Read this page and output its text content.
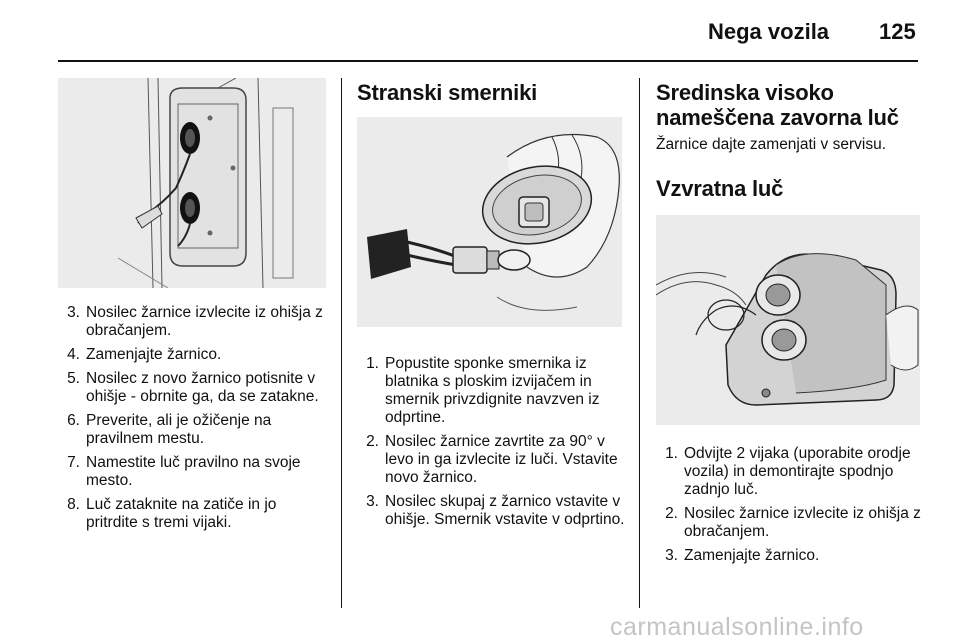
Nega vozila 125
3. Nosilec žarnice izvlecite iz ohišja z obračanjem.
4. Zamenjajte žarnico.
5. Nosilec z novo žarnico potisnite v ohišje - obrnite ga, da se zatakne.
6. Preverite, ali je ožičenje na pravilnem mestu.
7. Namestite luč pravilno na svoje mesto.
8. Luč zataknite na zatiče in jo pritrdite s tremi vijaki.
Stranski smerniki
1. Popustite sponke smernika iz blatnika s ploskim izvijačem in smernik privzdignite navzven iz odprtine.
2. Nosilec žarnice zavrtite za 90° v levo in ga izvlecite iz luči. Vstavite novo žarnico.
3. Nosilec skupaj z žarnico vstavite v ohišje. Smernik vstavite v odprtino.
Sredinska visoko nameščena zavorna luč

Žarnice dajte zamenjati v servisu.

Vzvratna luč
1. Odvijte 2 vijaka (uporabite orodje vozila) in demontirajte spodnjo zadnjo luč.
2. Nosilec žarnice izvlecite iz ohišja z obračanjem.
3. Zamenjajte žarnico.
carmanualsonline.info
